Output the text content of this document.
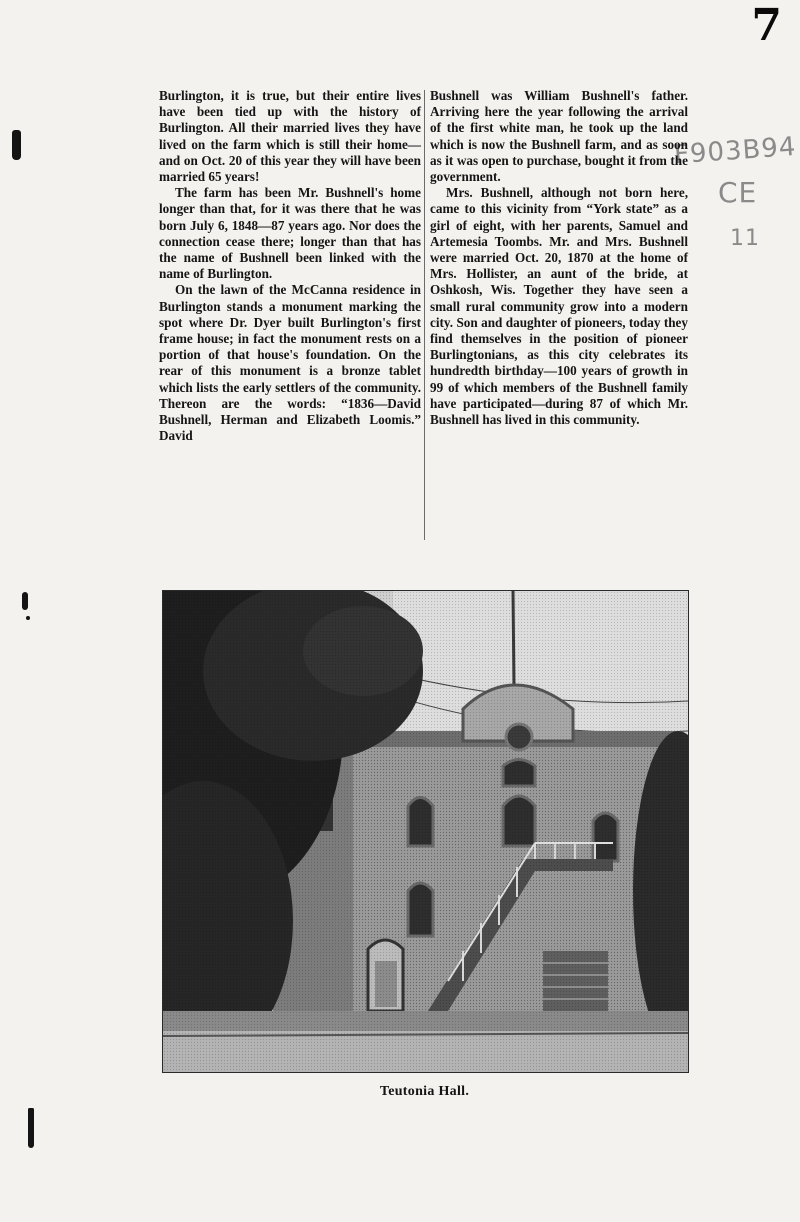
7
F903B94
CE
11

Burlington, it is true, but their entire lives have been tied up with the history of Burlington. All their married lives they have lived on the farm which is still their home—and on Oct. 20 of this year they will have been married 65 years!

The farm has been Mr. Bushnell's home longer than that, for it was there that he was born July 6, 1848—87 years ago. Nor does the connection cease there; longer than that has the name of Bushnell been linked with the name of Burlington.

On the lawn of the McCanna residence in Burlington stands a monument marking the spot where Dr. Dyer built Burlington's first frame house; in fact the monument rests on a portion of that house's foundation. On the rear of this monument is a bronze tablet which lists the early settlers of the community. Thereon are the words: “1836—David Bushnell, Herman and Elizabeth Loomis.” David

Bushnell was William Bushnell's father. Arriving here the year following the arrival of the first white man, he took up the land which is now the Bushnell farm, and as soon as it was open to purchase, bought it from the government.

Mrs. Bushnell, although not born here, came to this vicinity from “York state” as a girl of eight, with her parents, Samuel and Artemesia Toombs. Mr. and Mrs. Bushnell were married Oct. 20, 1870 at the home of Mrs. Hollister, an aunt of the bride, at Oshkosh, Wis. Together they have seen a small rural community grow into a modern city. Son and daughter of pioneers, today they find themselves in the position of pioneer Burlingtonians, as this city celebrates its hundredth birthday—100 years of growth in 99 of which members of the Bushnell family have participated—during 87 of which Mr. Bushnell has lived in this community.

Teutonia Hall.
